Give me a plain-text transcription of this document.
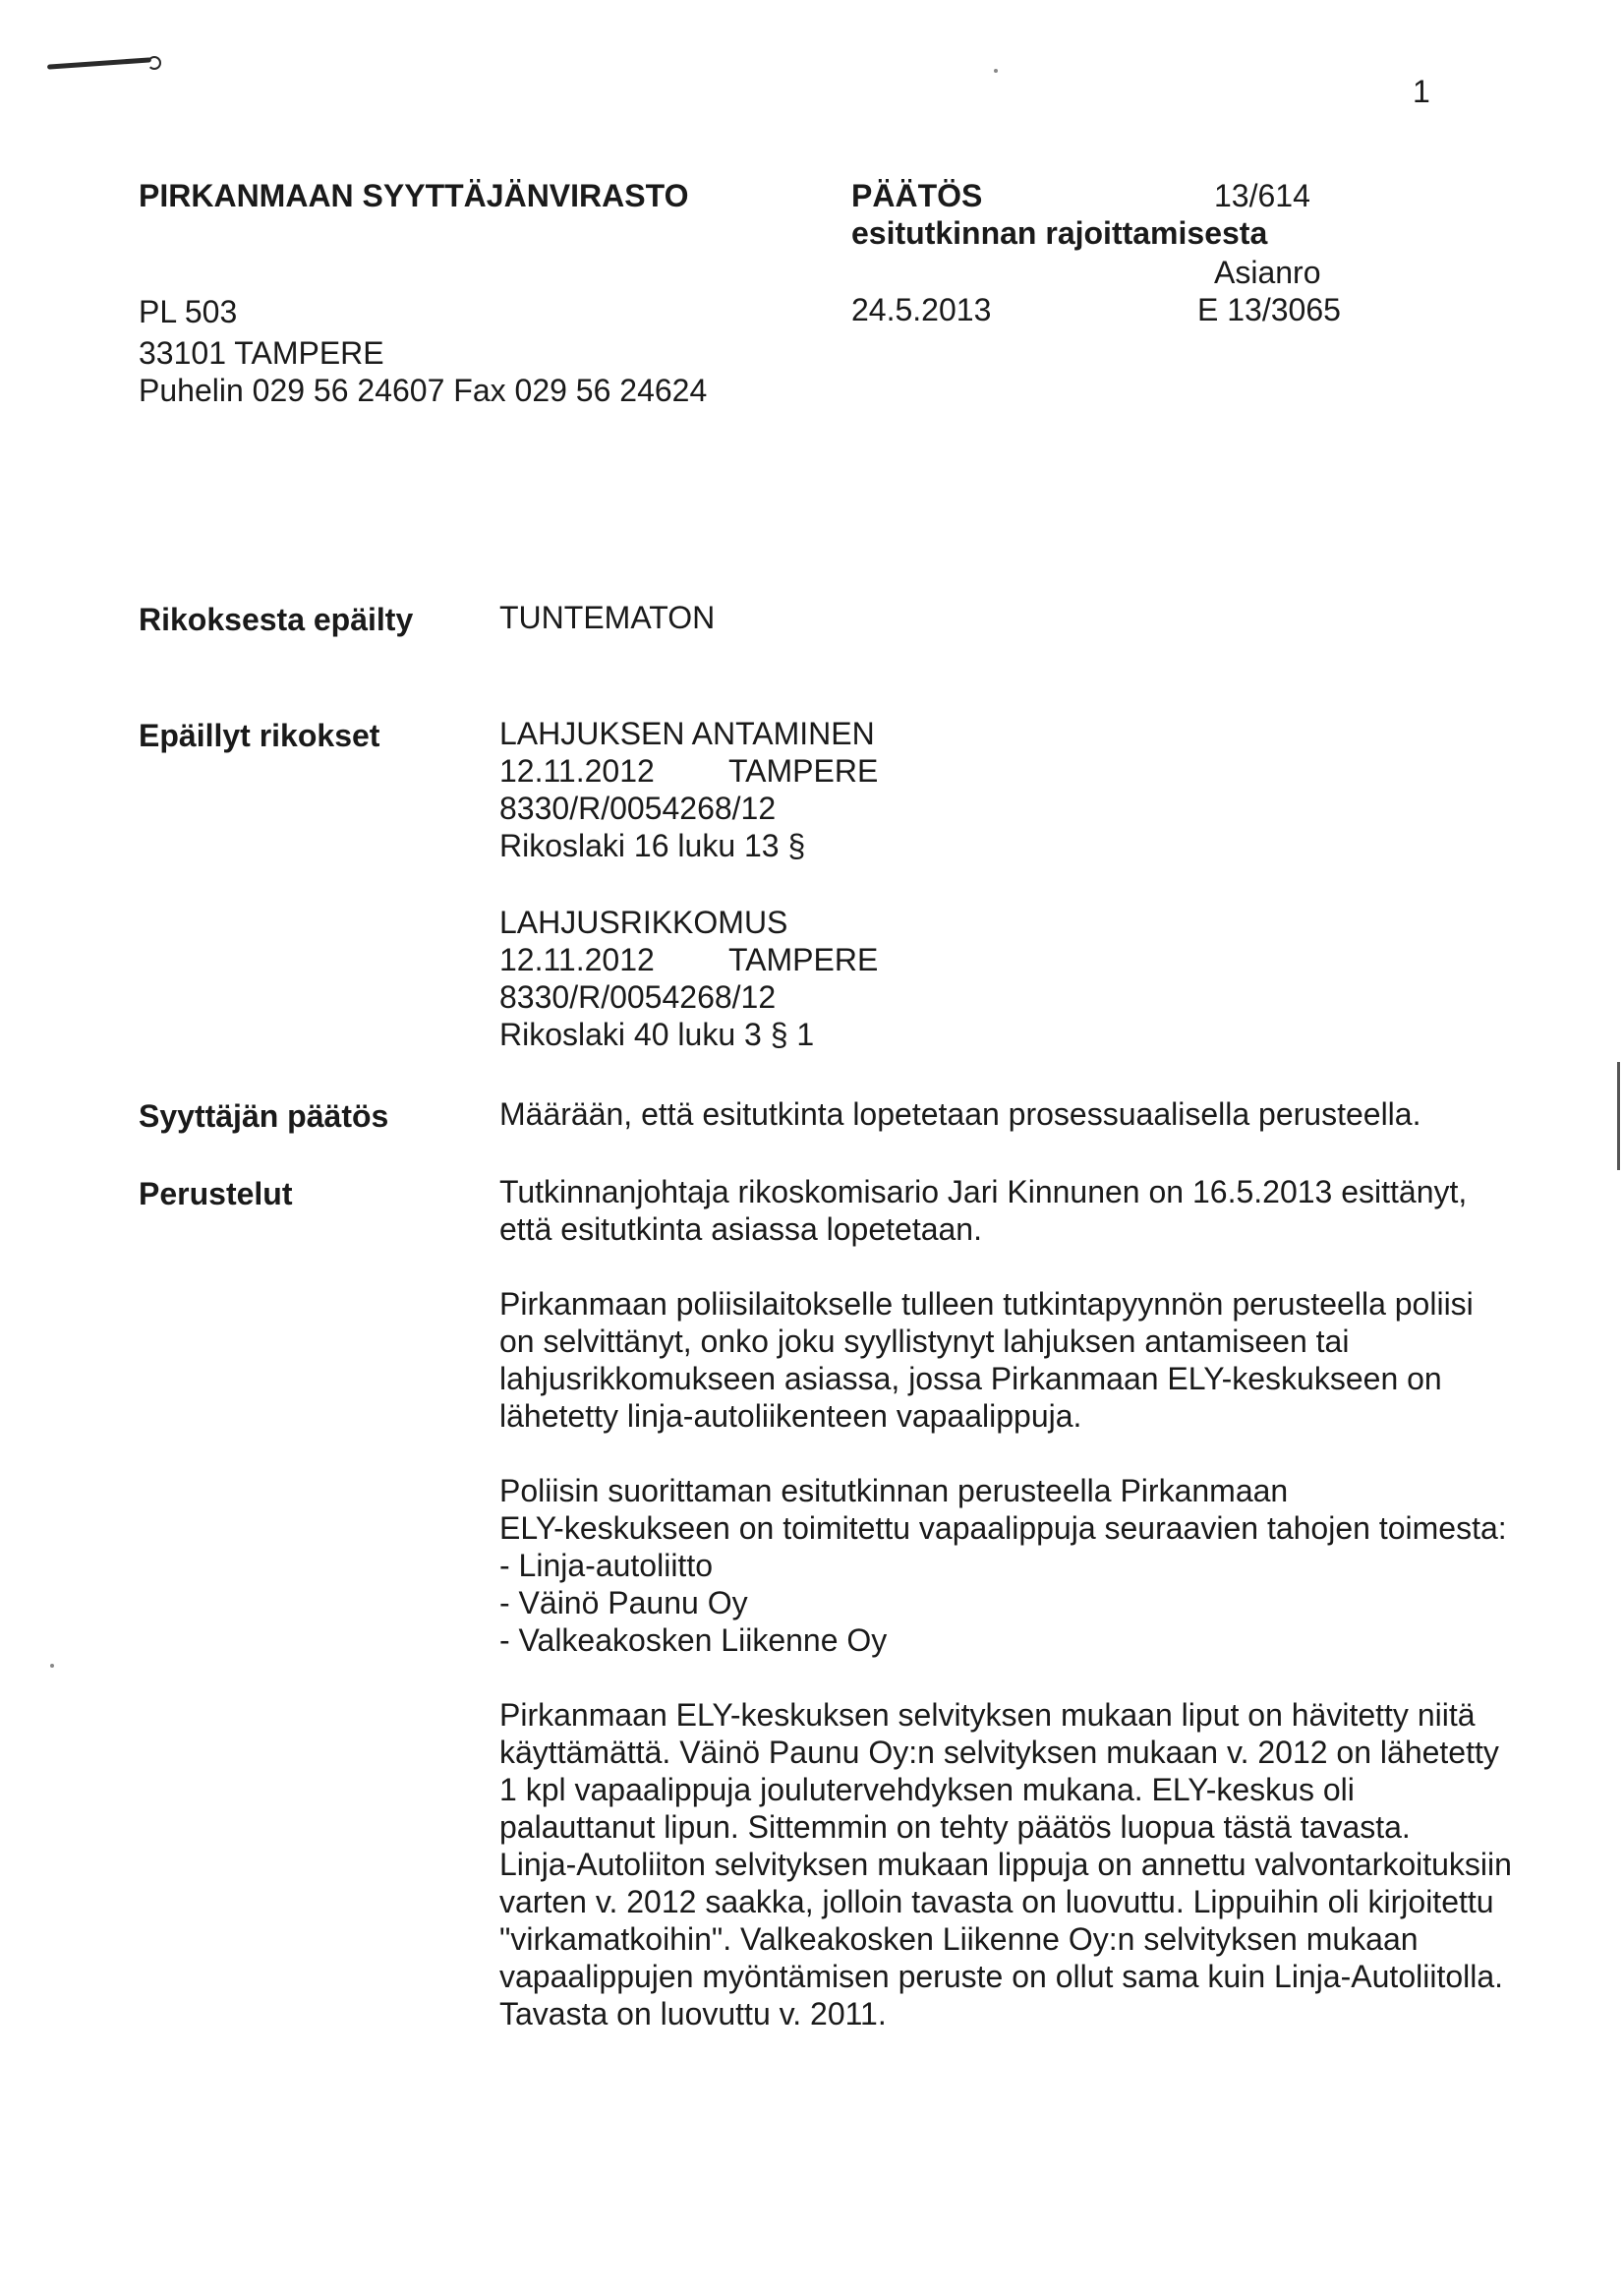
1
PIRKANMAAN SYYTTÄJÄNVIRASTO	PÄÄTÖS	13/614
esitutkinnan rajoittamisesta
Asianro
PL 503	24.5.2013	E 13/3065
33101 TAMPERE
Puhelin 029 56 24607 Fax 029 56 24624
Rikoksesta epäilty	TUNTEMATON
Epäillyt rikokset	LAHJUKSEN ANTAMINEN
12.11.2012	TAMPERE
8330/R/0054268/12
Rikoslaki 16 luku 13 §
LAHJUSRIKKOMUS
12.11.2012	TAMPERE
8330/R/0054268/12
Rikoslaki 40 luku 3 § 1
Syyttäjän päätös	Määrään, että esitutkinta lopetetaan prosessuaalisella perusteella.
Perustelut	Tutkinnanjohtaja rikoskomisario Jari Kinnunen on 16.5.2013 esittänyt,
että esitutkinta asiassa lopetetaan.
Pirkanmaan poliisilaitokselle tulleen tutkintapyynnön perusteella poliisi
on selvittänyt, onko joku syyllistynyt lahjuksen antamiseen tai
lahjusrikkomukseen asiassa, jossa Pirkanmaan ELY-keskukseen on
lähetetty linja-autoliikenteen vapaalippuja.
Poliisin suorittaman esitutkinnan perusteella Pirkanmaan
ELY-keskukseen on toimitettu vapaalippuja seuraavien tahojen toimesta:
- Linja-autoliitto
- Väinö Paunu Oy
- Valkeakosken Liikenne Oy
Pirkanmaan ELY-keskuksen selvityksen mukaan liput on hävitetty niitä
käyttämättä. Väinö Paunu Oy:n selvityksen mukaan v. 2012 on lähetetty
1 kpl vapaalippuja joulutervehdyksen mukana. ELY-keskus oli
palauttanut lipun. Sittemmin on tehty päätös luopua tästä tavasta.
Linja-Autoliiton selvityksen mukaan lippuja on annettu valvontarkoituksiin
varten v. 2012 saakka, jolloin tavasta on luovuttu. Lippuihin oli kirjoitettu
"virkamatkoihin". Valkeakosken Liikenne Oy:n selvityksen mukaan
vapaalippujen myöntämisen peruste on ollut sama kuin Linja-Autoliitolla.
Tavasta on luovuttu v. 2011.
